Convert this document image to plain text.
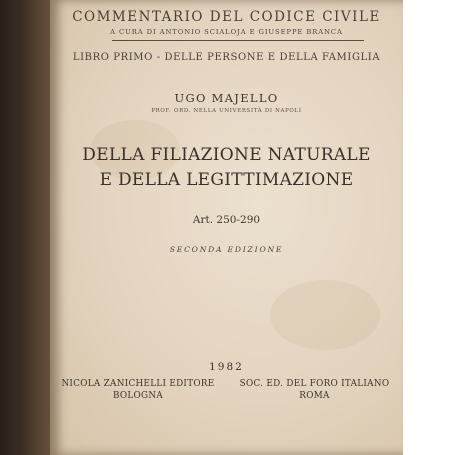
COMMENTARIO DEL CODICE CIVILE
A CURA DI ANTONIO SCIALOJA E GIUSEPPE BRANCA
LIBRO PRIMO - DELLE PERSONE E DELLA FAMIGLIA
UGO MAJELLO
PROF. ORD. NELLA UNIVERSITÀ DI NAPOLI
DELLA FILIAZIONE NATURALE
E DELLA LEGITTIMAZIONE
Art. 250-290
SECONDA EDIZIONE
1982
NICOLA ZANICHELLI EDITORE
BOLOGNA
SOC. ED. DEL FORO ITALIANO
ROMA
